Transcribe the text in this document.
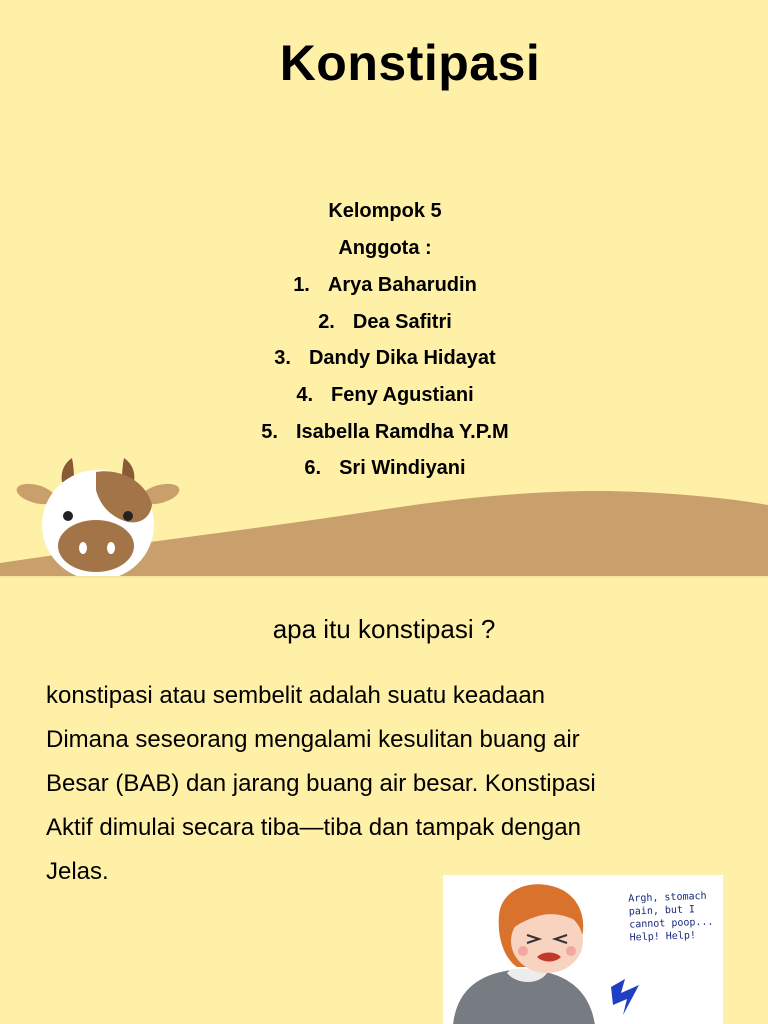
Konstipasi
Kelompok 5
Anggota :
1. Arya Baharudin
2. Dea Safitri
3. Dandy Dika Hidayat
4. Feny Agustiani
5. Isabella Ramdha Y.P.M
6. Sri Windiyani
apa itu konstipasi ?
konstipasi atau sembelit adalah suatu keadaan
Dimana seseorang mengalami kesulitan buang air
Besar (BAB) dan jarang buang air besar. Konstipasi
Aktif dimulai secara tiba—tiba dan tampak dengan
Jelas.
Argh, stomach
pain, but I
cannot poop...
Help! Help!
